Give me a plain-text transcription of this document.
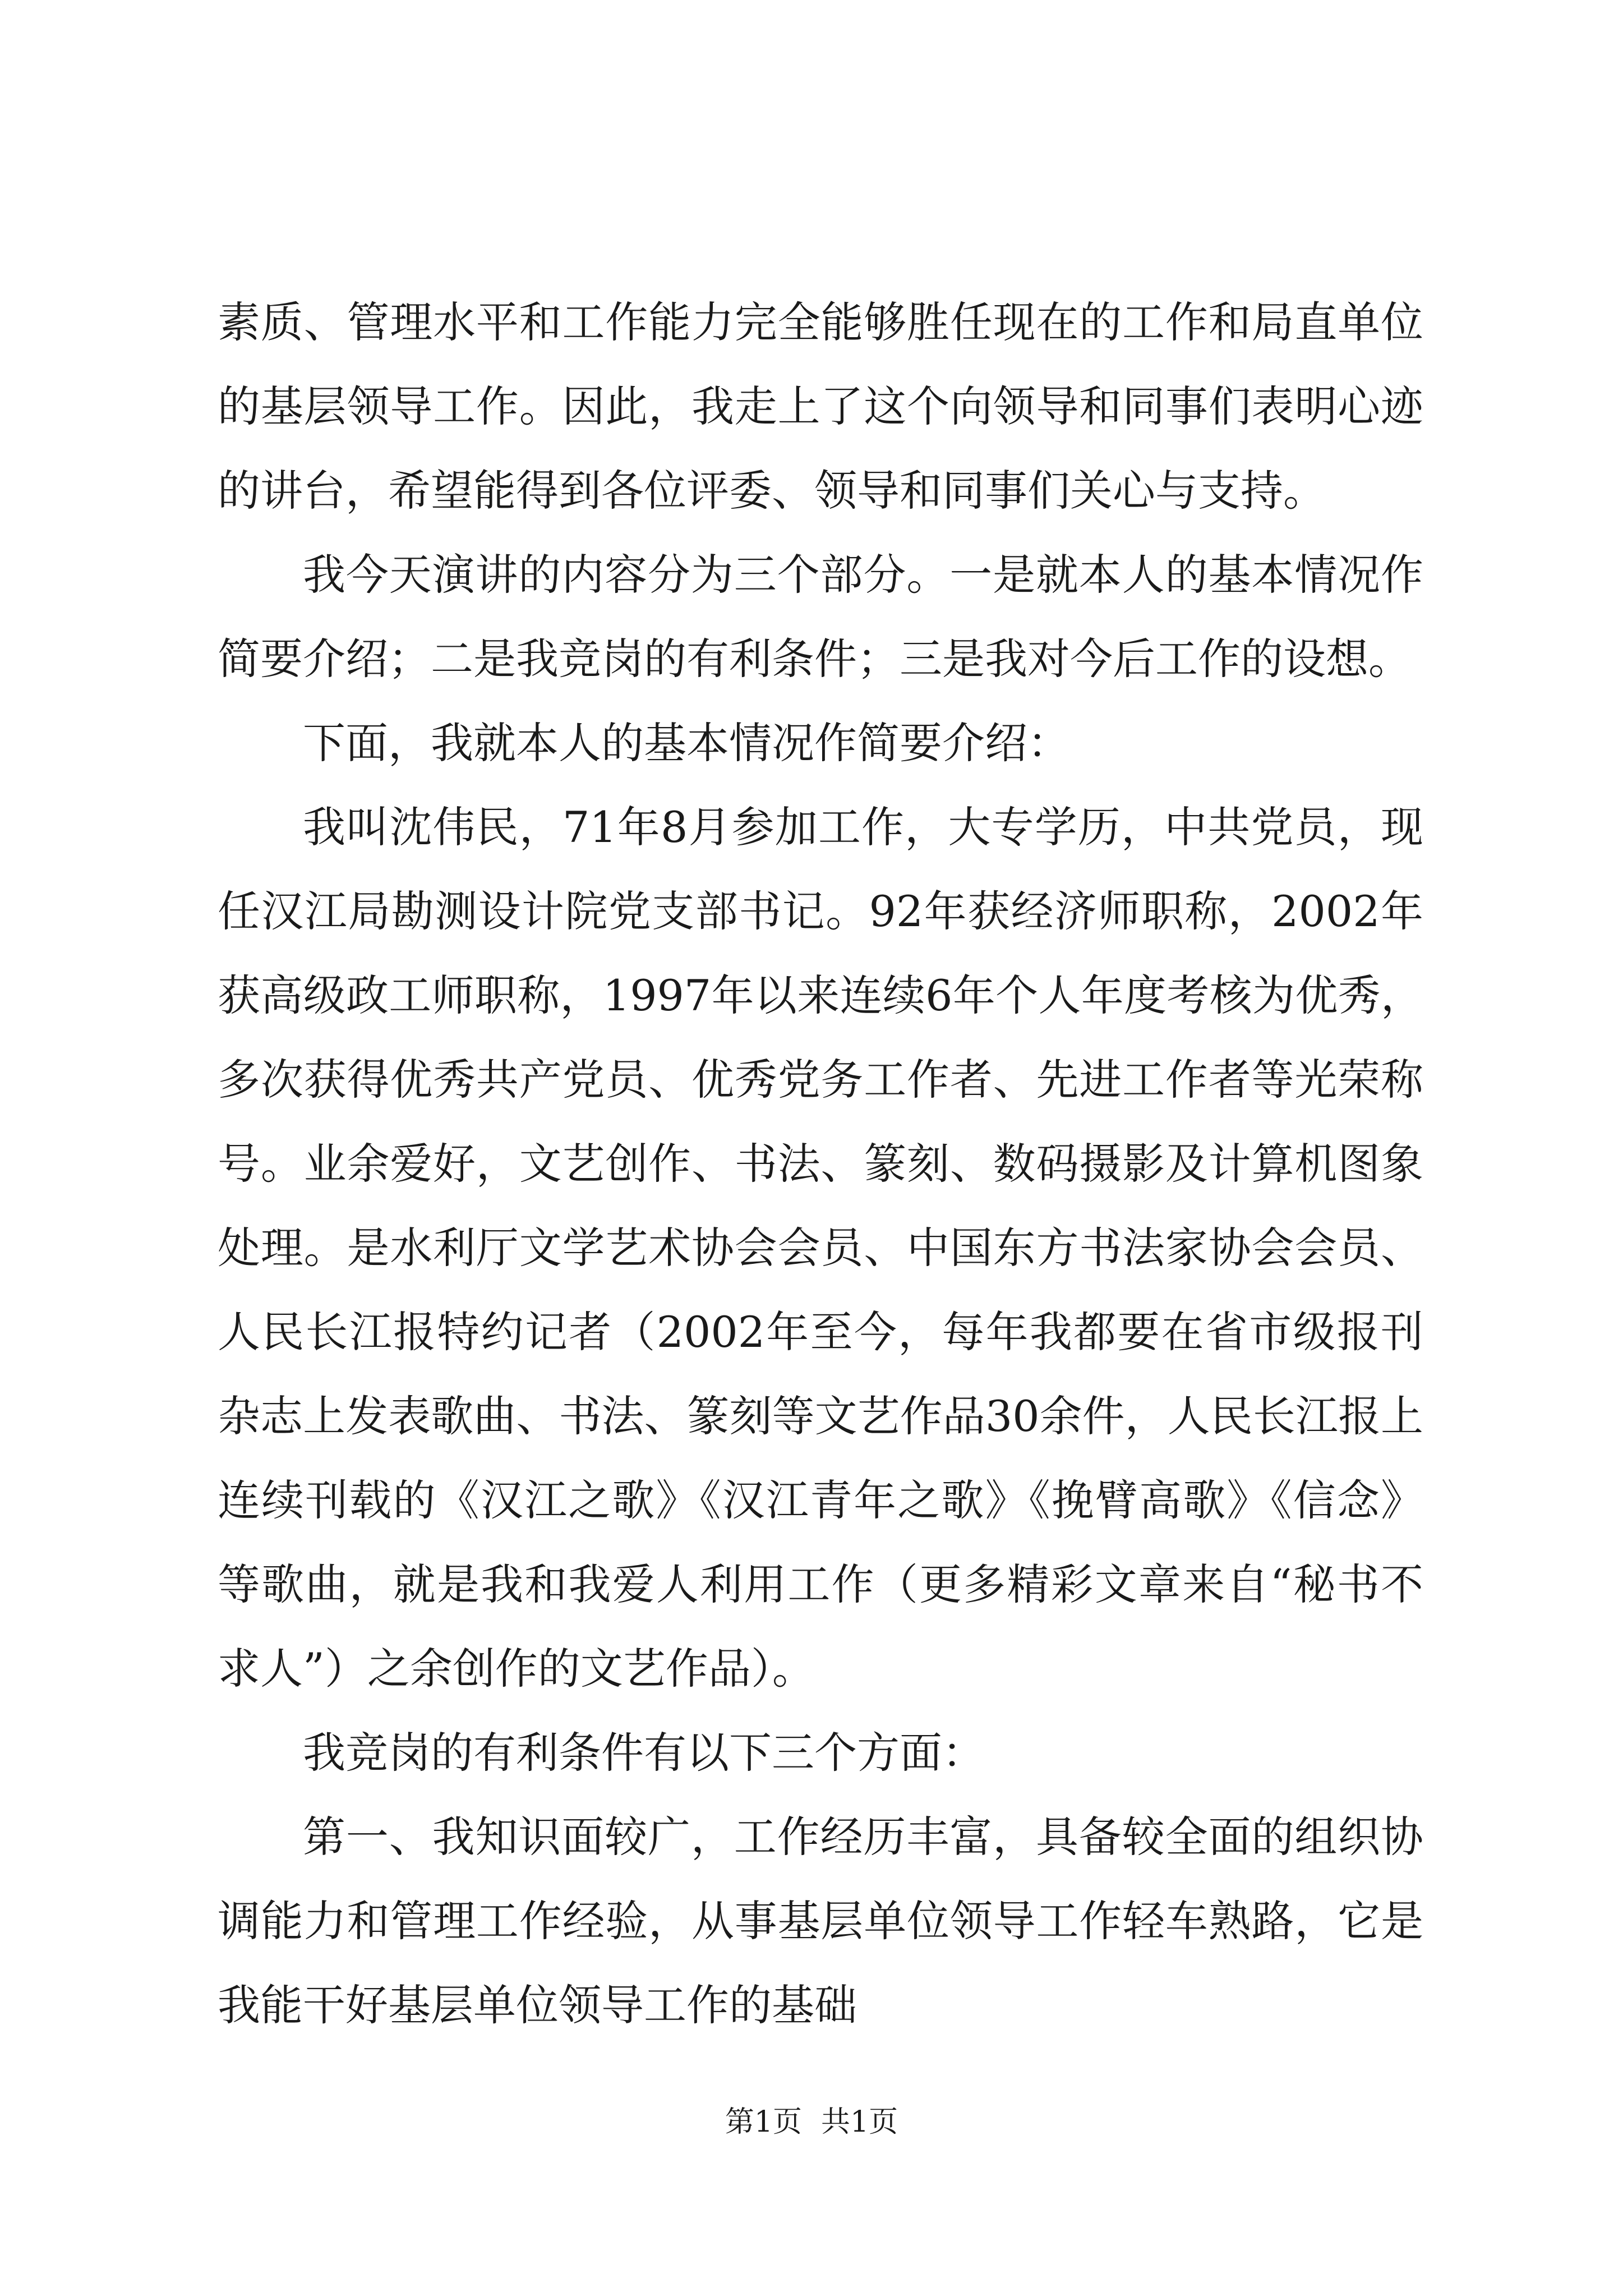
素质、管理水平和工作能力完全能够胜任现在的工作和局直单位的基层领导工作。因此，我走上了这个向领导和同事们表明心迹的讲台，希望能得到各位评委、领导和同事们关心与支持。

我今天演讲的内容分为三个部分。一是就本人的基本情况作简要介绍；二是我竞岗的有利条件；三是我对今后工作的设想。

下面，我就本人的基本情况作简要介绍：

我叫沈伟民，71年8月参加工作，大专学历，中共党员，现任汉江局勘测设计院党支部书记。92年获经济师职称，2002年获高级政工师职称，1997年以来连续6年个人年度考核为优秀，多次获得优秀共产党员、优秀党务工作者、先进工作者等光荣称号。业余爱好，文艺创作、书法、篆刻、数码摄影及计算机图象处理。是水利厅文学艺术协会会员、中国东方书法家协会会员、人民长江报特约记者（2002年至今，每年我都要在省市级报刊杂志上发表歌曲、书法、篆刻等文艺作品30余件，人民长江报上连续刊载的《汉江之歌》《汉江青年之歌》《挽臂高歌》《信念》等歌曲，就是我和我爱人利用工作（更多精彩文章来自“秘书不求人”）之余创作的文艺作品）。

我竞岗的有利条件有以下三个方面：

第一、我知识面较广，工作经历丰富，具备较全面的组织协调能力和管理工作经验，从事基层单位领导工作轻车熟路，它是我能干好基层单位领导工作的基础

第1页 共1页
